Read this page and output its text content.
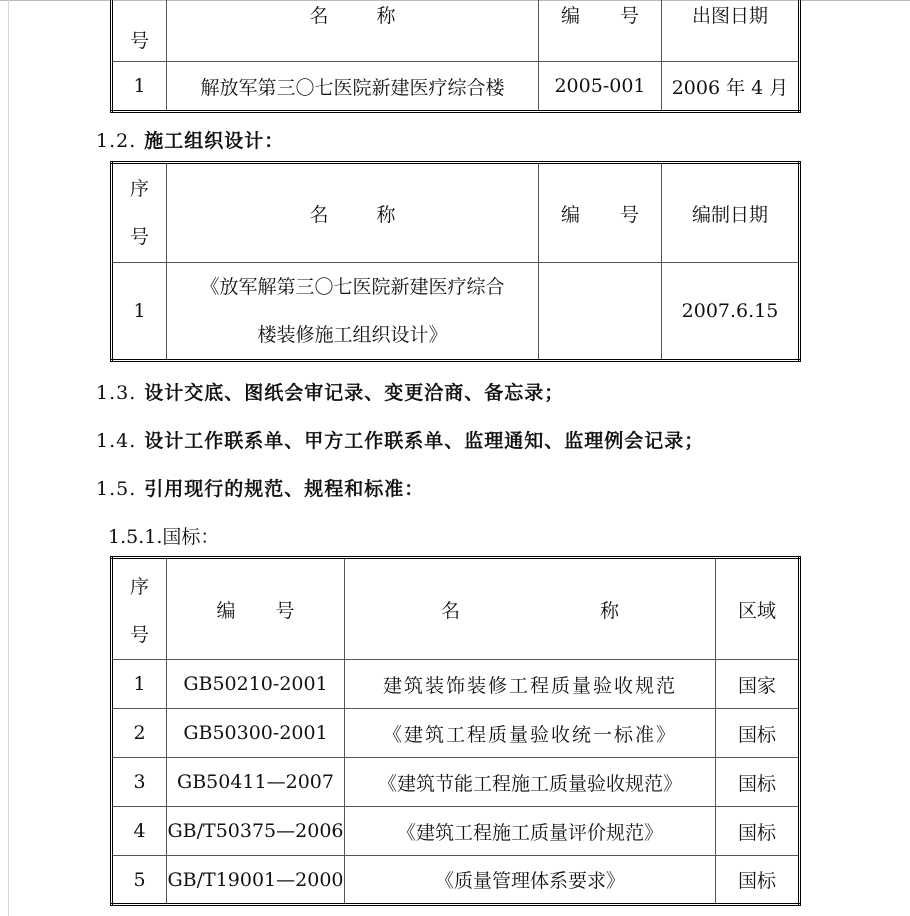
号	名 称	编 号	出图日期
1	解放军第三〇七医院新建医疗综合楼	2005-001	2006 年 4 月
1.2. 施工组织设计：
序
号	名 称	编 号	编制日期
1	《放军解第三〇七医院新建医疗综合
楼装修施工组织设计》		2007.6.15
1.3. 设计交底、图纸会审记录、变更洽商、备忘录；
1.4. 设计工作联系单、甲方工作联系单、监理通知、监理例会记录；
1.5. 引用现行的规范、规程和标准：
1.5.1.国标：
序
号	编 号	名 称	区域
1	GB50210-2001	建筑装饰装修工程质量验收规范	国家
2	GB50300-2001	《建筑工程质量验收统一标准》	国标
3	GB50411—2007	《建筑节能工程施工质量验收规范》	国标
4	GB/T50375—2006	《建筑工程施工质量评价规范》	国标
5	GB/T19001—2000	《质量管理体系要求》	国标
